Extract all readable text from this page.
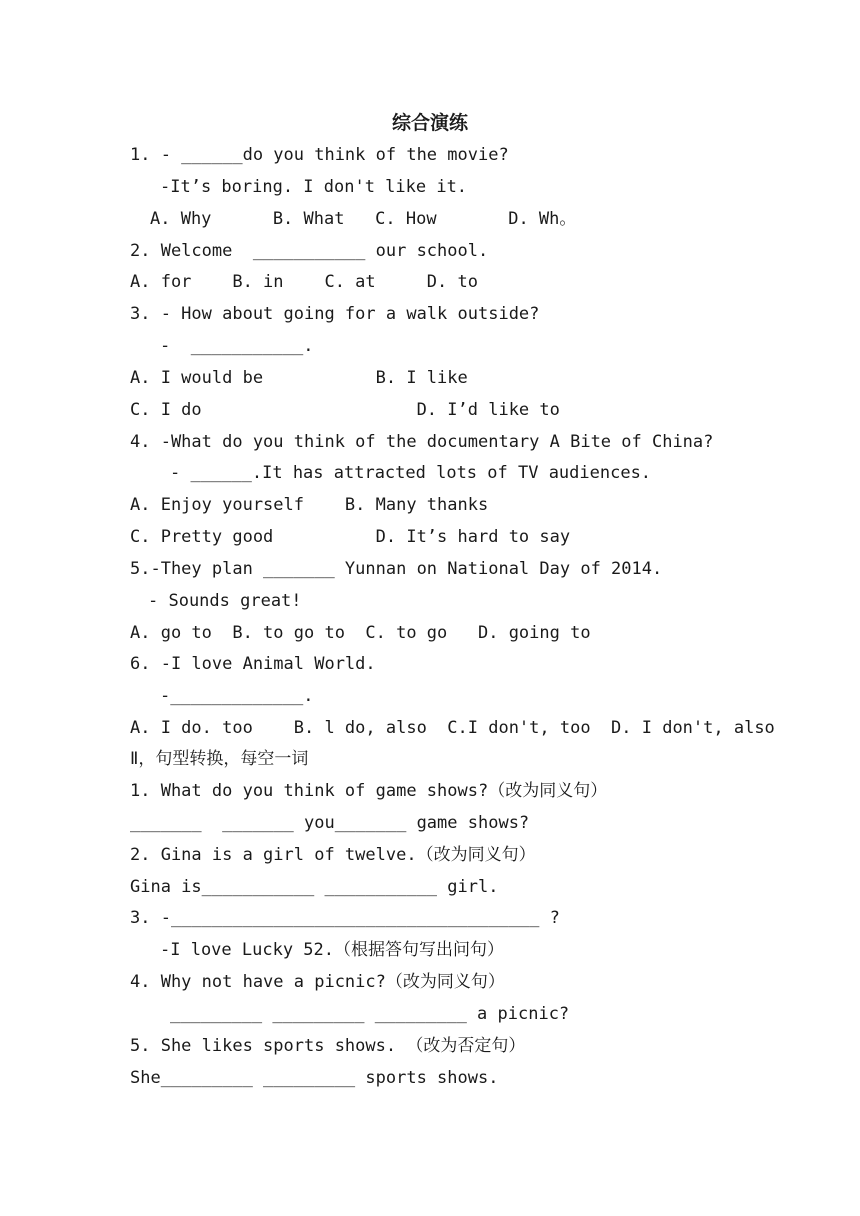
综合演练
1. - ______do you think of the movie?
-It’s boring. I don't like it.
A. Why      B. What   C. How       D. Wh。
2. Welcome  ___________ our school.
A. for    B. in    C. at     D. to
3. - How about going for a walk outside?
-  ___________.
A. I would be           B. I like
C. I do                     D. I’d like to
4. -What do you think of the documentary A Bite of China?
- ______.It has attracted lots of TV audiences.
A. Enjoy yourself    B. Many thanks
C. Pretty good          D. It’s hard to say
5.-They plan _______ Yunnan on National Day of 2014.
- Sounds great!
A. go to  B. to go to  C. to go   D. going to
6. -I love Animal World.
-_____________.
A. I do. too    B. l do, also  C.I don't, too  D. I don't, also
Ⅱ，句型转换，每空一词
1. What do you think of game shows?（改为同义句）
_______  _______ you_______ game shows?
2. Gina is a girl of twelve.（改为同义句）
Gina is___________ ___________ girl.
3. -____________________________________ ?
-I love Lucky 52.（根据答句写出问句）
4. Why not have a picnic?（改为同义句）
_________ _________ _________ a picnic?
5. She likes sports shows. （改为否定句）
She_________ _________ sports shows.
